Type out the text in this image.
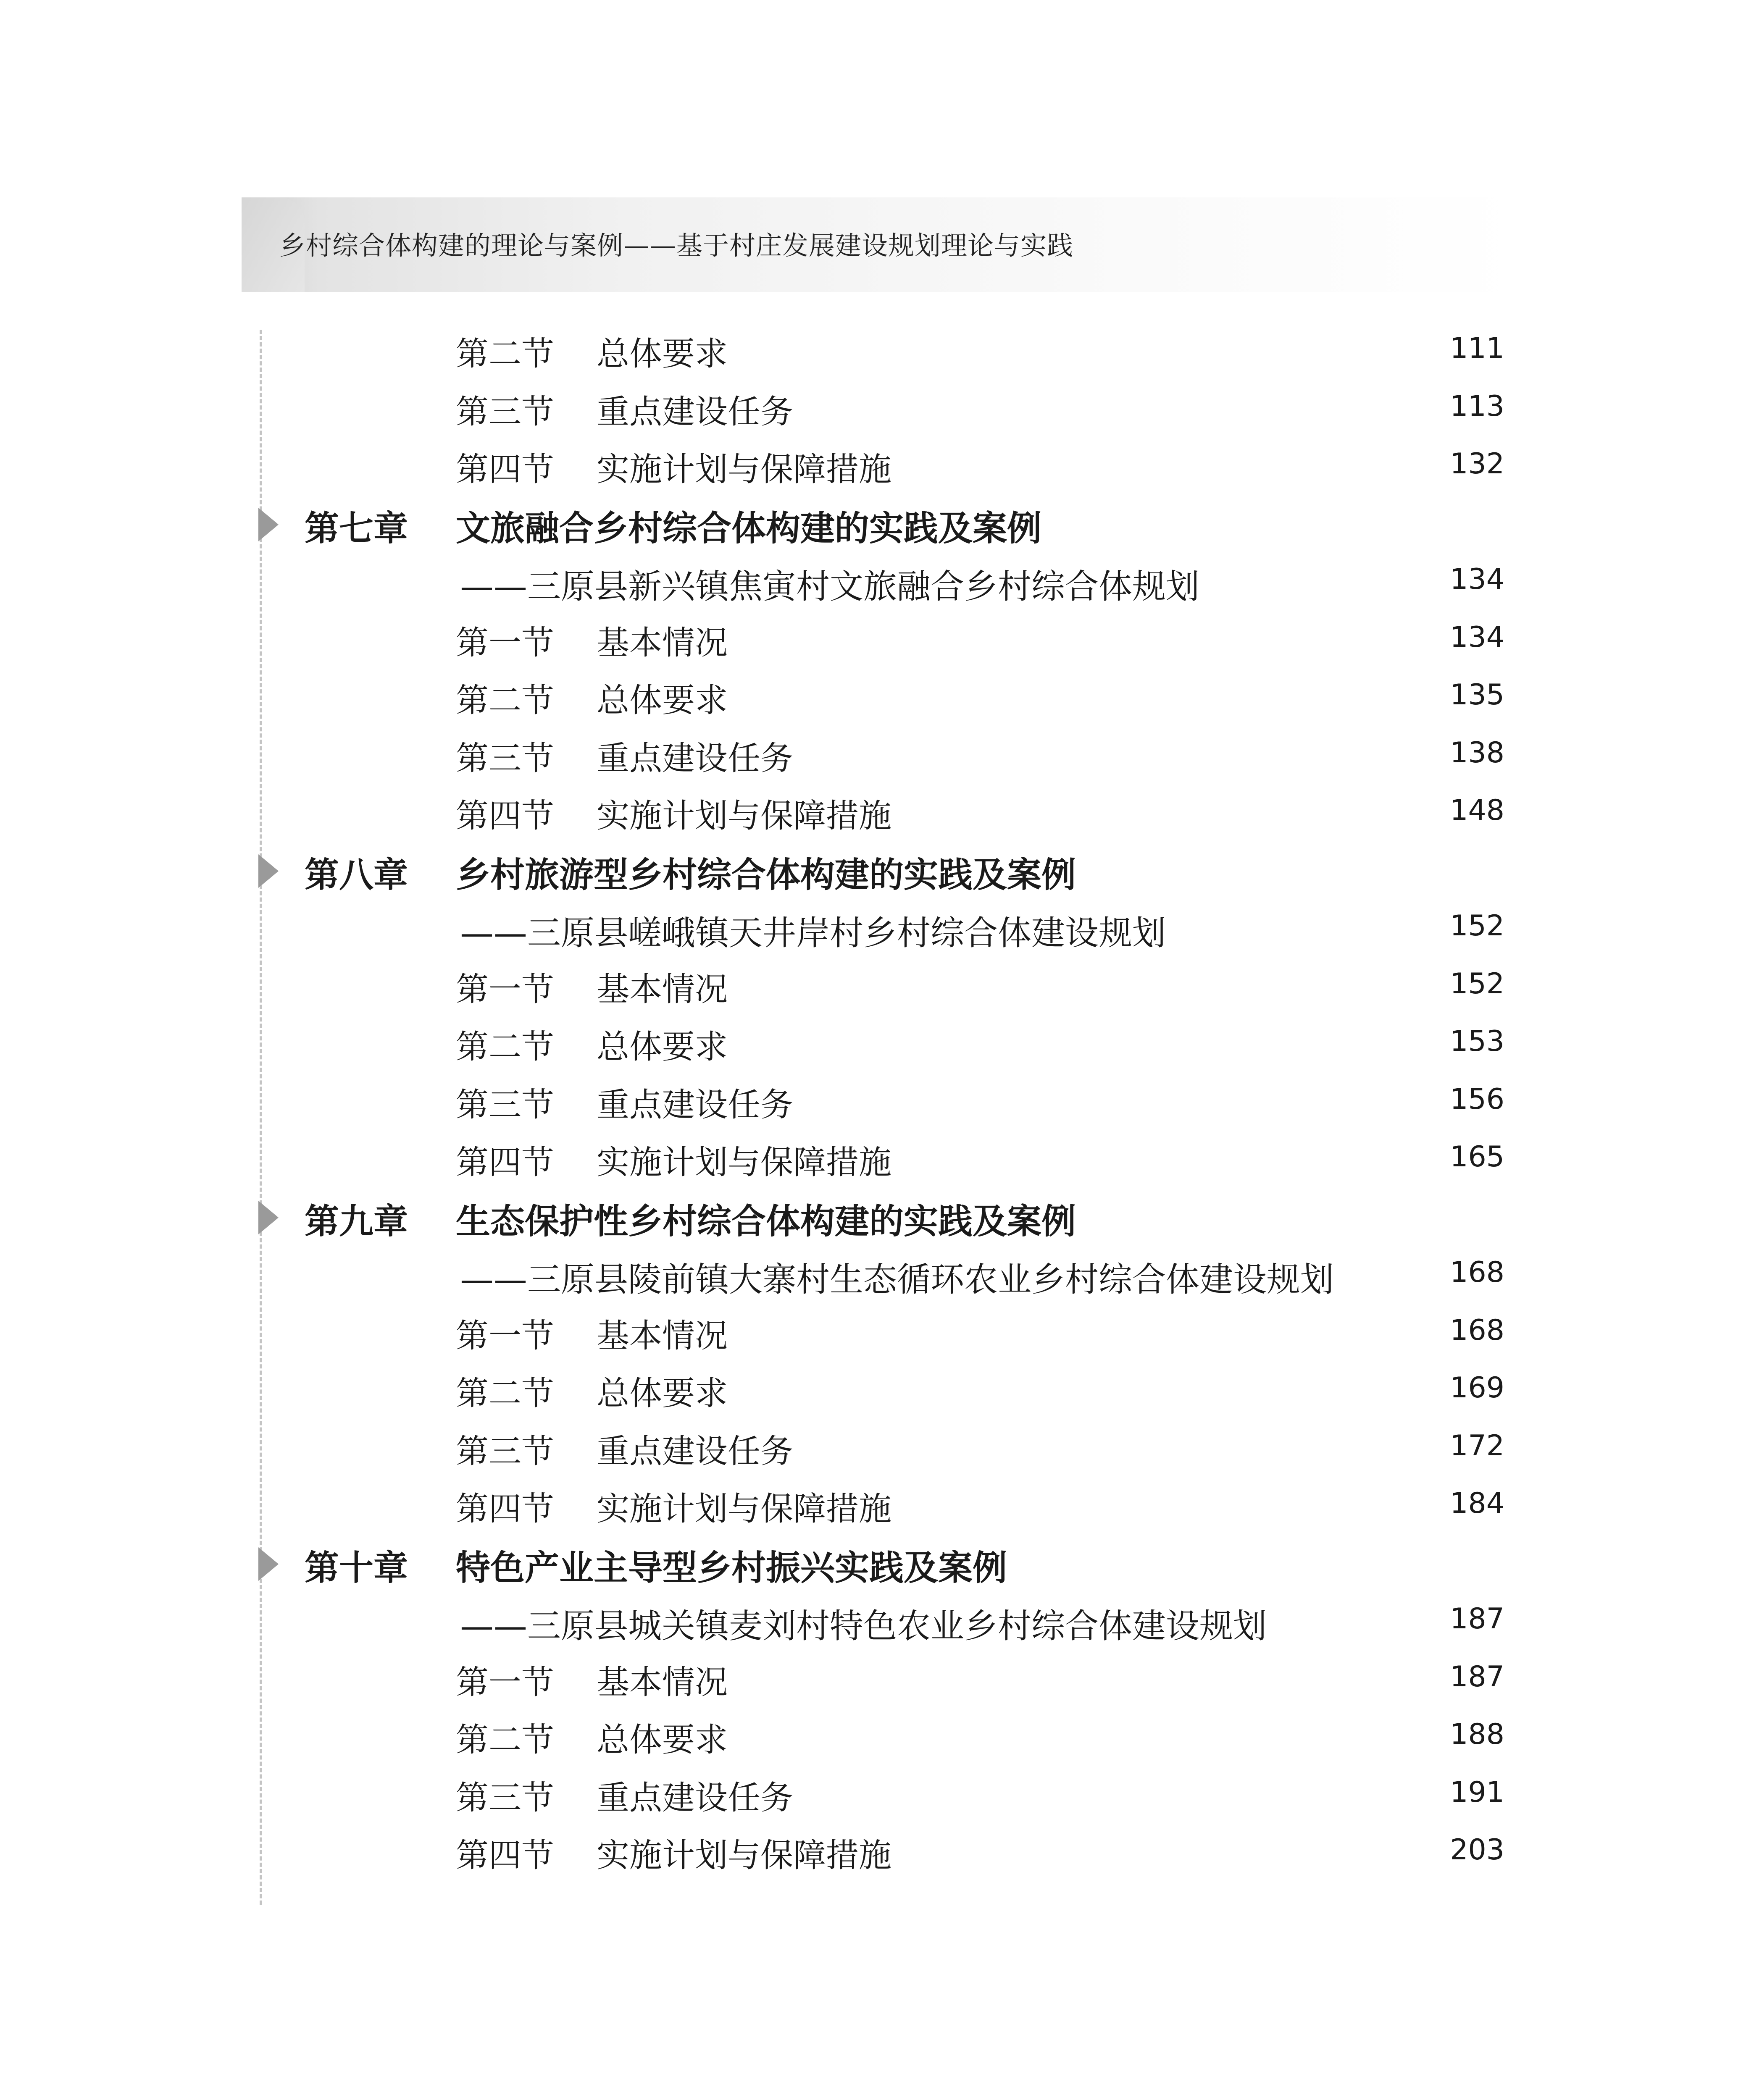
乡村综合体构建的理论与案例——基于村庄发展建设规划理论与实践
第二节 总体要求	111
第三节 重点建设任务	113
第四节 实施计划与保障措施	132
第七章 文旅融合乡村综合体构建的实践及案例
——三原县新兴镇焦寅村文旅融合乡村综合体规划	134
第一节 基本情况	134
第二节 总体要求	135
第三节 重点建设任务	138
第四节 实施计划与保障措施	148
第八章 乡村旅游型乡村综合体构建的实践及案例
——三原县嵯峨镇天井岸村乡村综合体建设规划	152
第一节 基本情况	152
第二节 总体要求	153
第三节 重点建设任务	156
第四节 实施计划与保障措施	165
第九章 生态保护性乡村综合体构建的实践及案例
——三原县陵前镇大寨村生态循环农业乡村综合体建设规划	168
第一节 基本情况	168
第二节 总体要求	169
第三节 重点建设任务	172
第四节 实施计划与保障措施	184
第十章 特色产业主导型乡村振兴实践及案例
——三原县城关镇麦刘村特色农业乡村综合体建设规划	187
第一节 基本情况	187
第二节 总体要求	188
第三节 重点建设任务	191
第四节 实施计划与保障措施	203
